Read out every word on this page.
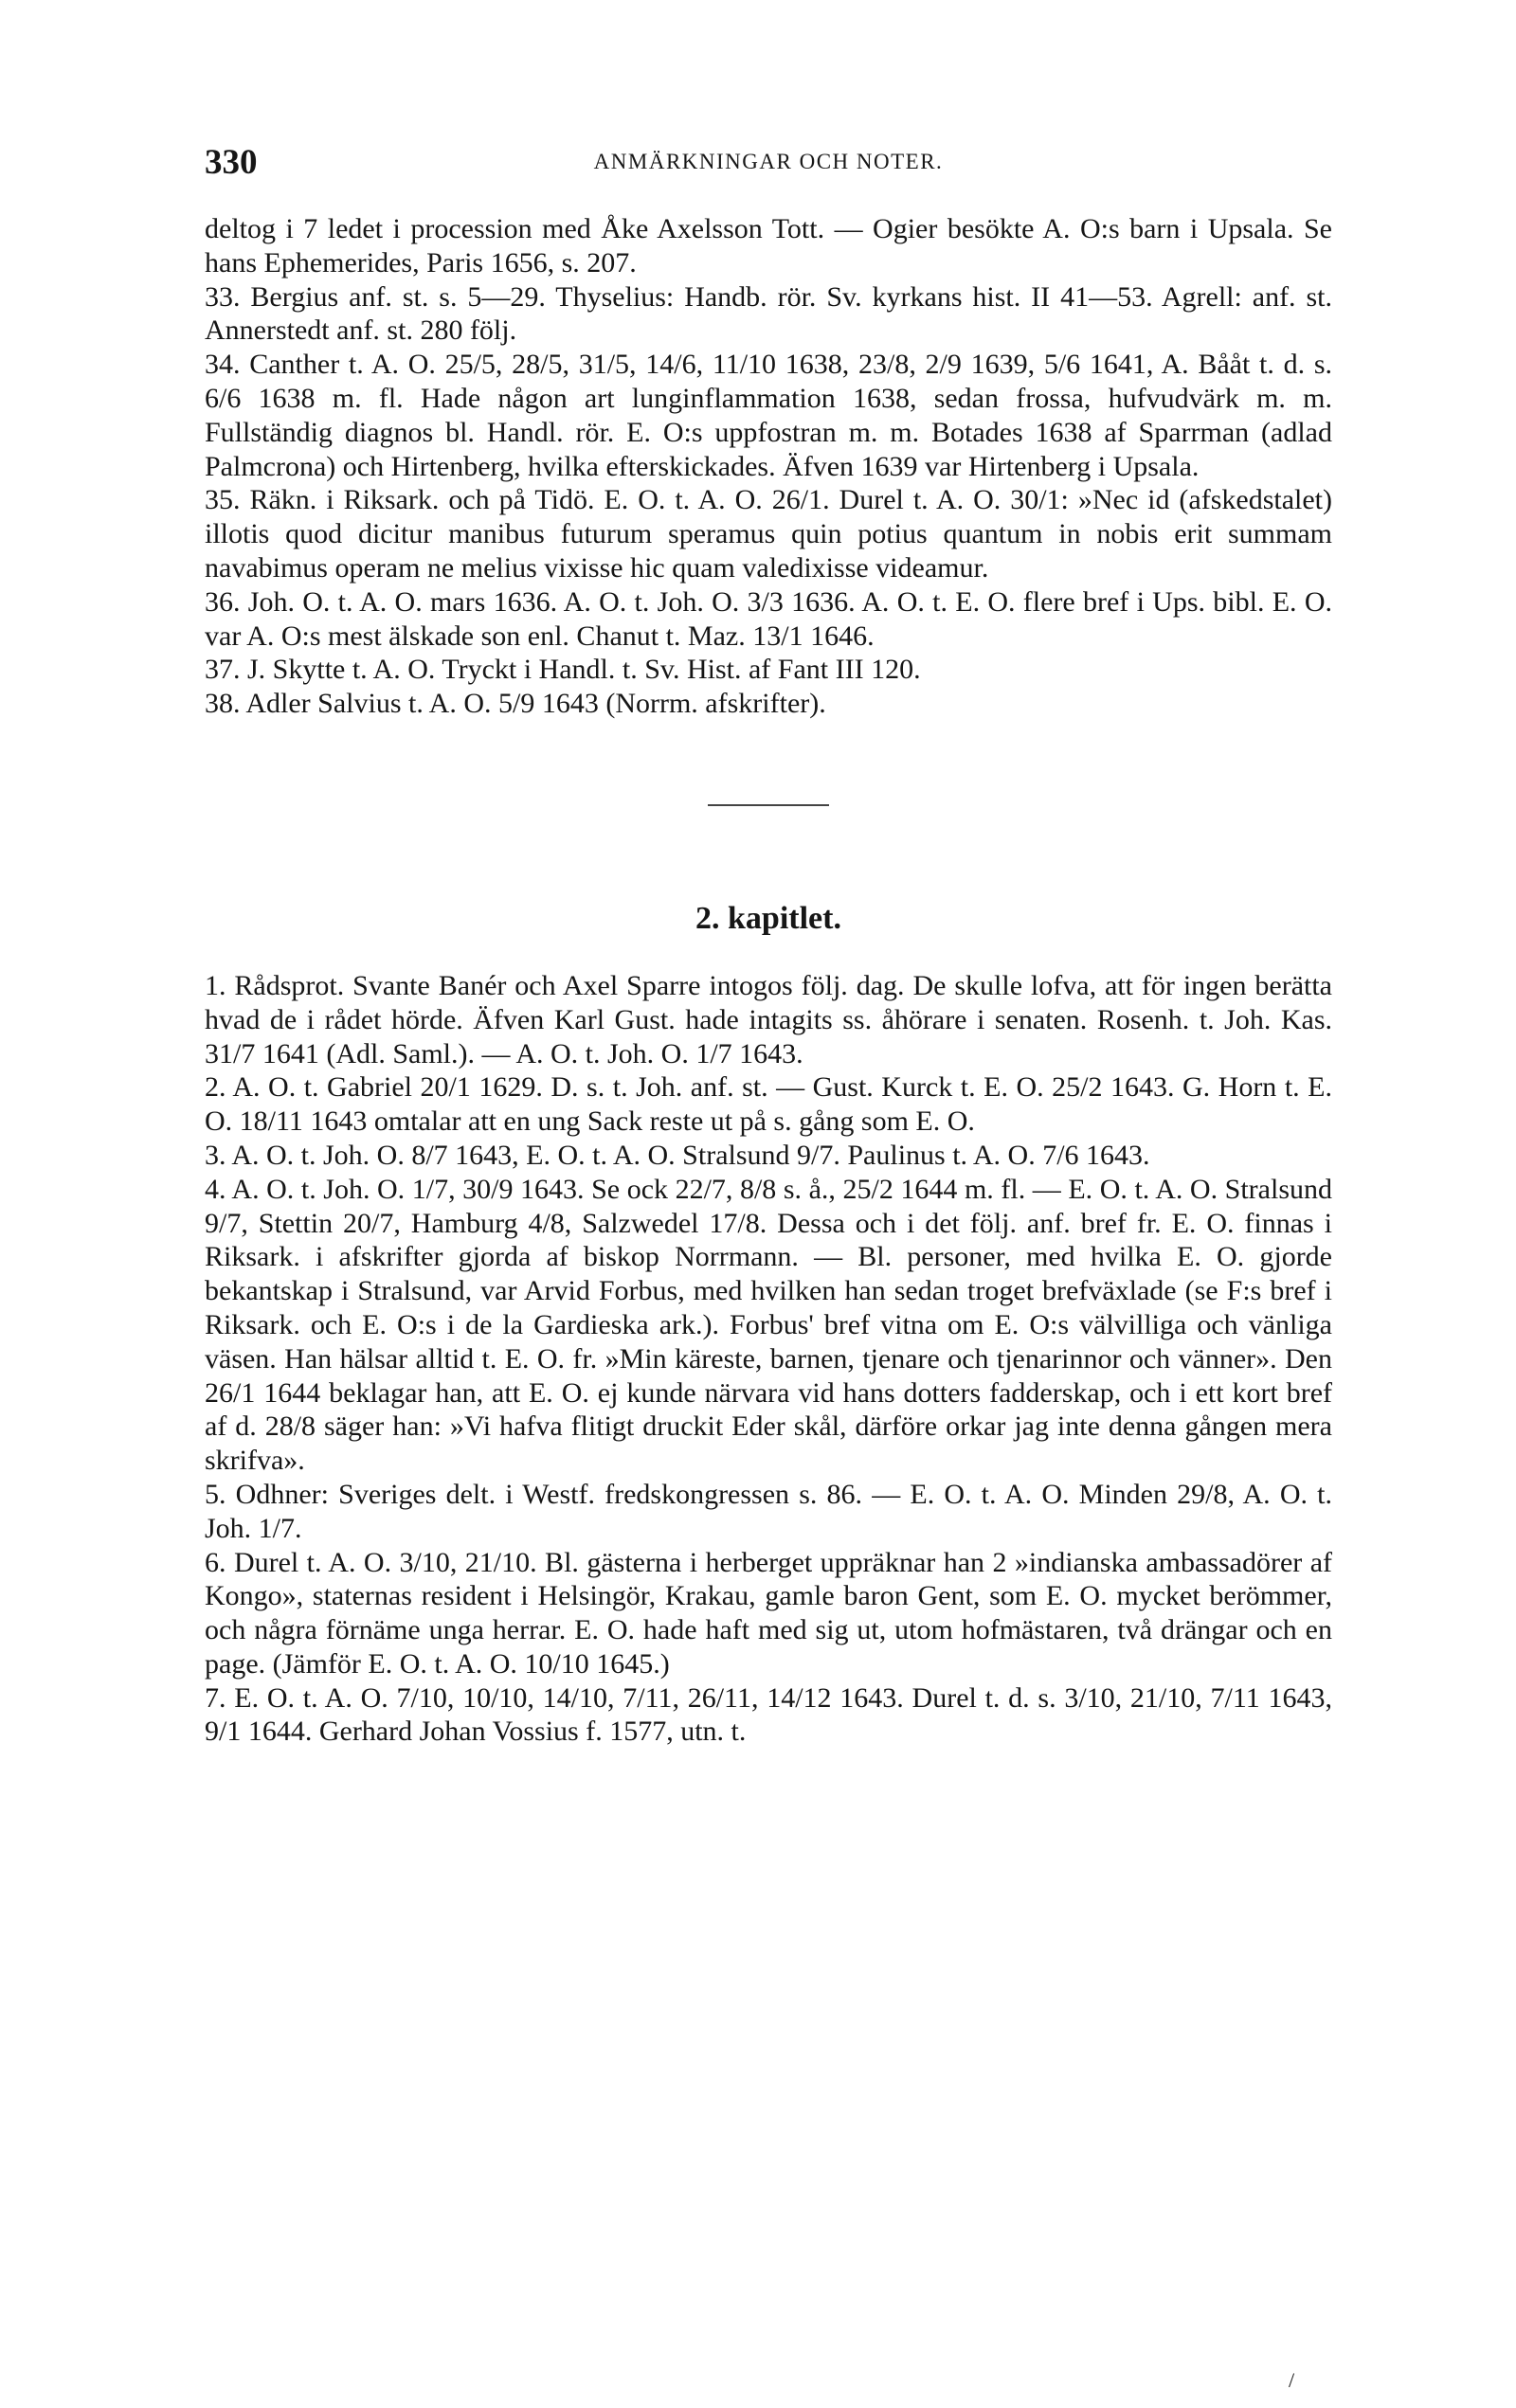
330	ANMÄRKNINGAR OCH NOTER.

deltog i 7 ledet i procession med Åke Axelsson Tott. — Ogier besökte A. O:s barn i Upsala. Se hans Ephemerides, Paris 1656, s. 207.

33. Bergius anf. st. s. 5—29. Thyselius: Handb. rör. Sv. kyrkans hist. II 41—53. Agrell: anf. st. Annerstedt anf. st. 280 följ.

34. Canther t. A. O. 25/5, 28/5, 31/5, 14/6, 11/10 1638, 23/8, 2/9 1639, 5/6 1641, A. Bååt t. d. s. 6/6 1638 m. fl. Hade någon art lunginflammation 1638, sedan frossa, hufvudvärk m. m. Fullständig diagnos bl. Handl. rör. E. O:s uppfostran m. m. Botades 1638 af Sparrman (adlad Palmcrona) och Hirtenberg, hvilka efterskickades. Äfven 1639 var Hirtenberg i Upsala.

35. Räkn. i Riksark. och på Tidö. E. O. t. A. O. 26/1. Durel t. A. O. 30/1: »Nec id (afskedstalet) illotis quod dicitur manibus futurum speramus quin potius quantum in nobis erit summam navabimus operam ne melius vixisse hic quam valedixisse videamur.

36. Joh. O. t. A. O. mars 1636. A. O. t. Joh. O. 3/3 1636. A. O. t. E. O. flere bref i Ups. bibl. E. O. var A. O:s mest älskade son enl. Chanut t. Maz. 13/1 1646.

37. J. Skytte t. A. O. Tryckt i Handl. t. Sv. Hist. af Fant III 120.

38. Adler Salvius t. A. O. 5/9 1643 (Norrm. afskrifter).

2. kapitlet.

1. Rådsprot. Svante Banér och Axel Sparre intogos följ. dag. De skulle lofva, att för ingen berätta hvad de i rådet hörde. Äfven Karl Gust. hade intagits ss. åhörare i senaten. Rosenh. t. Joh. Kas. 31/7 1641 (Adl. Saml.). — A. O. t. Joh. O. 1/7 1643.

2. A. O. t. Gabriel 20/1 1629. D. s. t. Joh. anf. st. — Gust. Kurck t. E. O. 25/2 1643. G. Horn t. E. O. 18/11 1643 omtalar att en ung Sack reste ut på s. gång som E. O.

3. A. O. t. Joh. O. 8/7 1643, E. O. t. A. O. Stralsund 9/7. Paulinus t. A. O. 7/6 1643.

4. A. O. t. Joh. O. 1/7, 30/9 1643. Se ock 22/7, 8/8 s. å., 25/2 1644 m. fl. — E. O. t. A. O. Stralsund 9/7, Stettin 20/7, Hamburg 4/8, Salzwedel 17/8. Dessa och i det följ. anf. bref fr. E. O. finnas i Riksark. i afskrifter gjorda af biskop Norrmann. — Bl. personer, med hvilka E. O. gjorde bekantskap i Stralsund, var Arvid Forbus, med hvilken han sedan troget brefväxlade (se F:s bref i Riksark. och E. O:s i de la Gardieska ark.). Forbus' bref vitna om E. O:s välvilliga och vänliga väsen. Han hälsar alltid t. E. O. fr. »Min käreste, barnen, tjenare och tjenarinnor och vänner». Den 26/1 1644 beklagar han, att E. O. ej kunde närvara vid hans dotters fadderskap, och i ett kort bref af d. 28/8 säger han: »Vi hafva flitigt druckit Eder skål, därföre orkar jag inte denna gången mera skrifva».

5. Odhner: Sveriges delt. i Westf. fredskongressen s. 86. — E. O. t. A. O. Minden 29/8, A. O. t. Joh. 1/7.

6. Durel t. A. O. 3/10, 21/10. Bl. gästerna i herberget uppräknar han 2 »indianska ambassadörer af Kongo», staternas resident i Helsingör, Krakau, gamle baron Gent, som E. O. mycket berömmer, och några förnäme unga herrar. E. O. hade haft med sig ut, utom hofmästaren, två drängar och en page. (Jämför E. O. t. A. O. 10/10 1645.)

7. E. O. t. A. O. 7/10, 10/10, 14/10, 7/11, 26/11, 14/12 1643. Durel t. d. s. 3/10, 21/10, 7/11 1643, 9/1 1644. Gerhard Johan Vossius f. 1577, utn. t.

/
